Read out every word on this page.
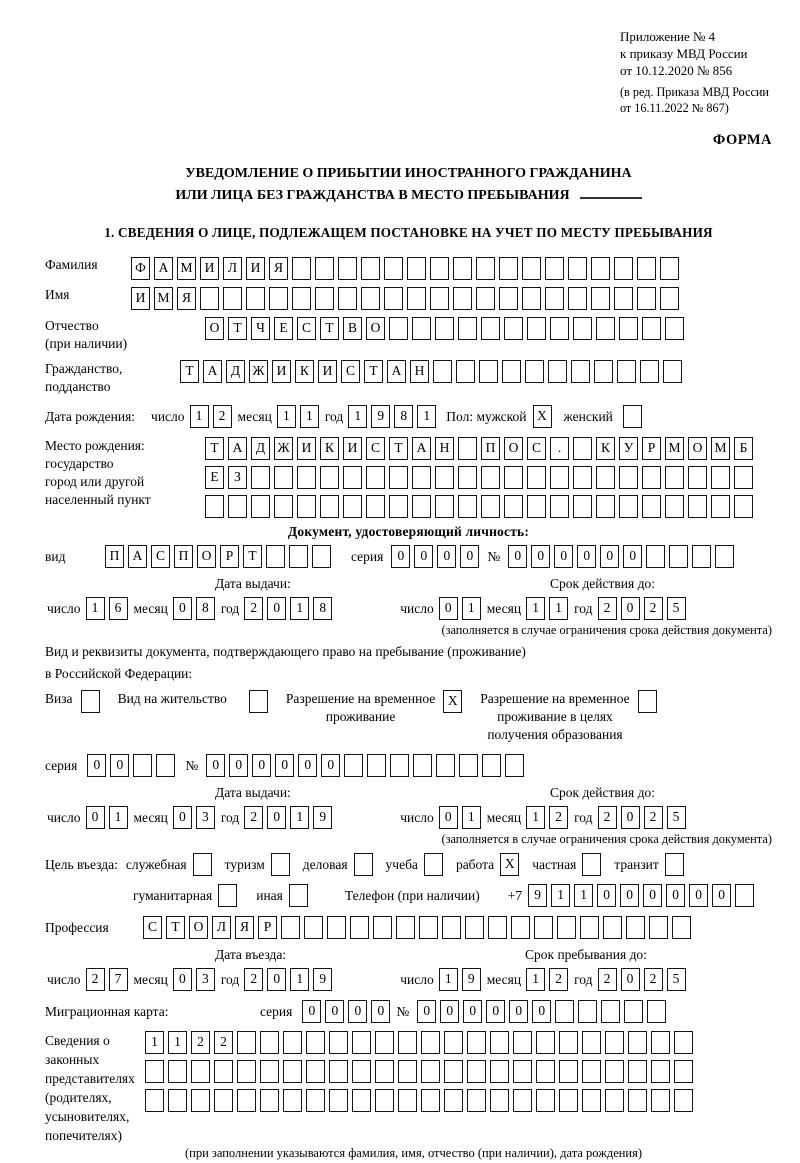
Приложение № 4
к приказу МВД России
от 10.12.2020 № 856
(в ред. Приказа МВД России
от 16.11.2022 № 867)
ФОРМА
УВЕДОМЛЕНИЕ О ПРИБЫТИИ ИНОСТРАННОГО ГРАЖДАНИНА
ИЛИ ЛИЦА БЕЗ ГРАЖДАНСТВА В МЕСТО ПРЕБЫВАНИЯ
1. СВЕДЕНИЯ О ЛИЦЕ, ПОДЛЕЖАЩЕМ ПОСТАНОВКЕ НА УЧЕТ ПО МЕСТУ ПРЕБЫВАНИЯ
Фамилия	Ф А М И	Л	И	Я
Имя	И М Я
Отчество
(при наличии)
О	Т	Ч	Е	С	Т	В	О
Гражданство,
подданство
Т	А	Д Ж И	К	И	С	Т	А Н
Дата рождения: число 1	2 месяц 1	1 год 1	9	8	1	Пол: мужской X	женский
Место рождения:
государство
город или другой
населенный пункт
Т	А	Д Ж И	К	И	С	Т	А Н	П О	С	.	К	У	Р М О М Б
Е	З
Документ, удостоверяющий личность:
вид	П А	С	П О	Р	Т	серия	0	0	0	0	№	0	0	0	0	0	0
Дата выдачи:	Срок действия до:
число 1	6 месяц 0	8 год 2	0	1	8	число 0	1 месяц 1	1 год 2	0	2	5
(заполняется в случае ограничения срока действия документа)
Вид и реквизиты документа, подтверждающего право на пребывание (проживание)
в Российской Федерации:
Виза	Вид на жительство	Разрешение на временное
проживание
X	Разрешение на временное
проживание в целях
получения образования
серия	0	0	№	0	0	0	0	0	0
Дата выдачи:	Срок действия до:
число 0	1 месяц 0	3 год 2	0	1	9	число 0	1 месяц 1	2 год 2	0	2	5
(заполняется в случае ограничения срока действия документа)
Цель въезда: служебная	туризм	деловая	учеба	работа X	частная	транзит
гуманитарная	иная	Телефон (при наличии) +7 9	1	1	0	0	0	0	0	0
Профессия	С	Т	О	Л	Я	Р
Дата въезда:	Срок пребывания до:
число 2	7 месяц 0	3 год 2	0	1	9	число 1	9 месяц 1	2 год 2	0	2	5
Миграционная карта:	серия	0	0	0	0 №	0	0	0	0	0	0
Сведения о
законных
представителях
(родителях,
усыновителях,
попечителях)
1	1	2	2
(при заполнении указываются фамилия, имя, отчество (при наличии), дата рождения)
